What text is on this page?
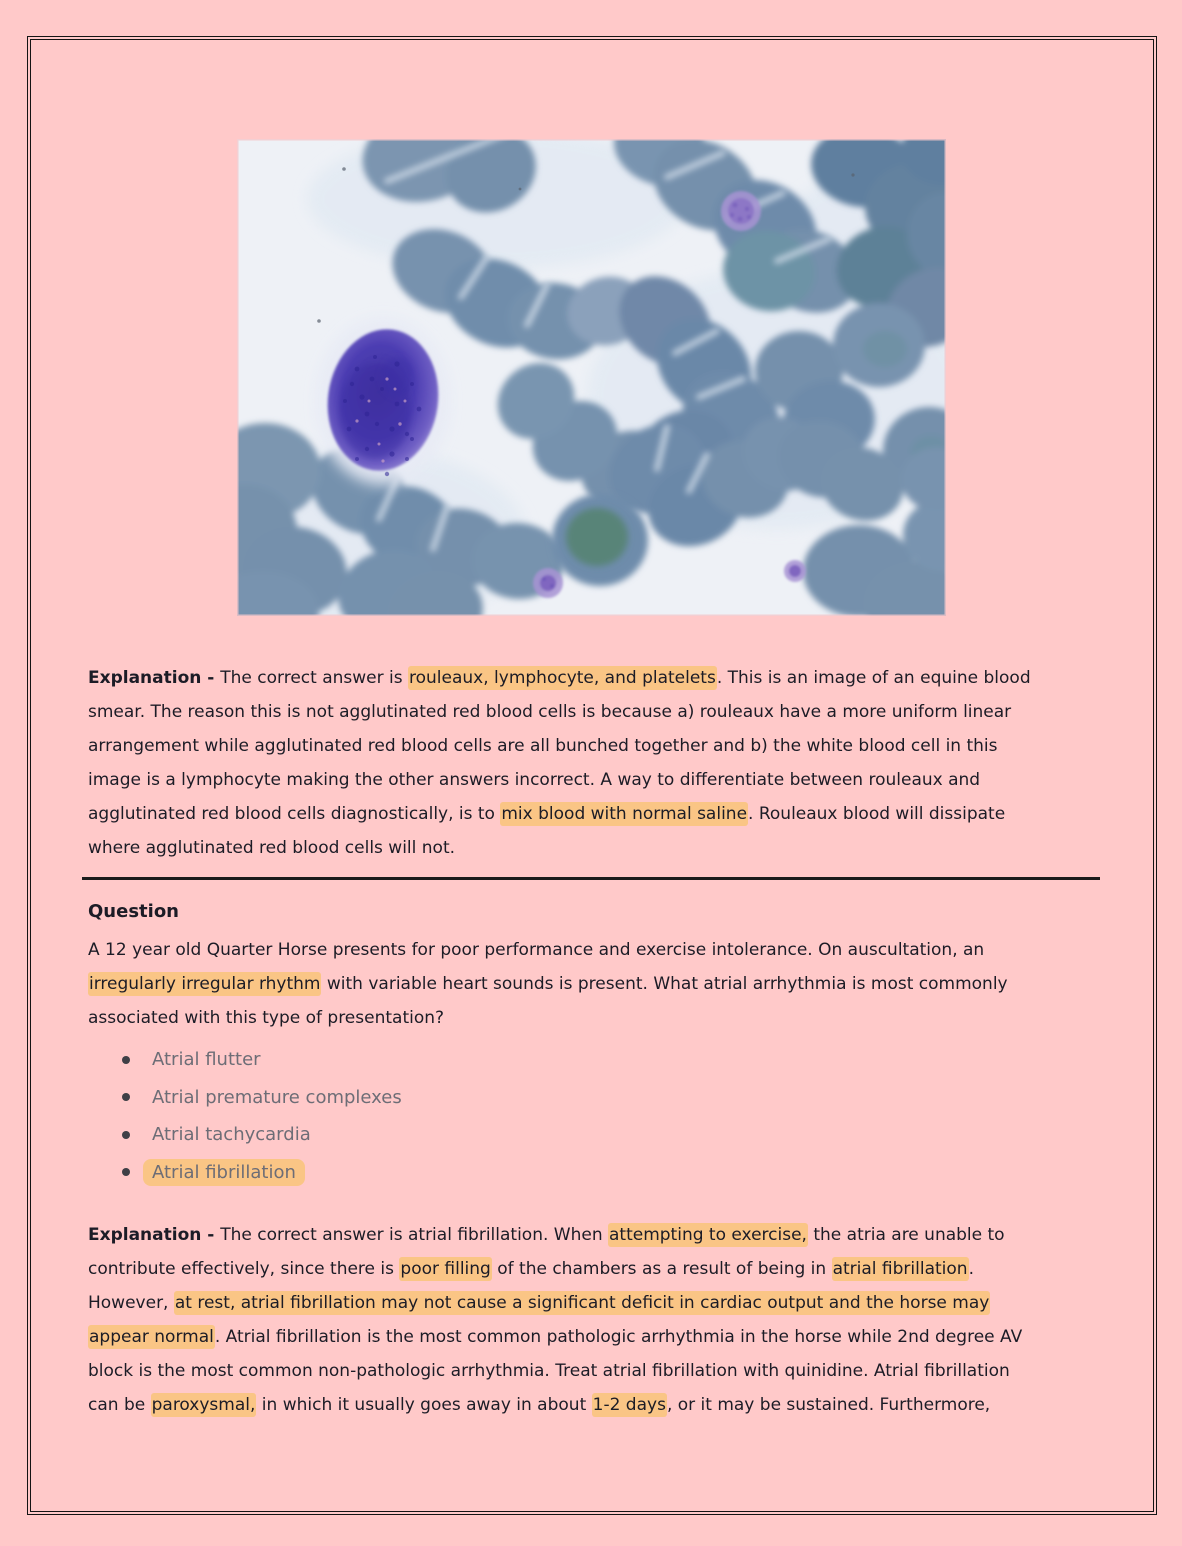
Explanation - The correct answer is rouleaux, lymphocyte, and platelets. This is an image of an equine blood
smear. The reason this is not agglutinated red blood cells is because a) rouleaux have a more uniform linear
arrangement while agglutinated red blood cells are all bunched together and b) the white blood cell in this
image is a lymphocyte making the other answers incorrect. A way to differentiate between rouleaux and
agglutinated red blood cells diagnostically, is to mix blood with normal saline. Rouleaux blood will dissipate
where agglutinated red blood cells will not.
Question
A 12 year old Quarter Horse presents for poor performance and exercise intolerance. On auscultation, an
irregularly irregular rhythm with variable heart sounds is present. What atrial arrhythmia is most commonly
associated with this type of presentation?
Atrial flutter
Atrial premature complexes
Atrial tachycardia
Atrial fibrillation
Explanation - The correct answer is atrial fibrillation. When attempting to exercise, the atria are unable to
contribute effectively, since there is poor filling of the chambers as a result of being in atrial fibrillation.
However, at rest, atrial fibrillation may not cause a significant deficit in cardiac output and the horse may
appear normal. Atrial fibrillation is the most common pathologic arrhythmia in the horse while 2nd degree AV
block is the most common non-pathologic arrhythmia. Treat atrial fibrillation with quinidine. Atrial fibrillation
can be paroxysmal, in which it usually goes away in about 1-2 days, or it may be sustained. Furthermore,
